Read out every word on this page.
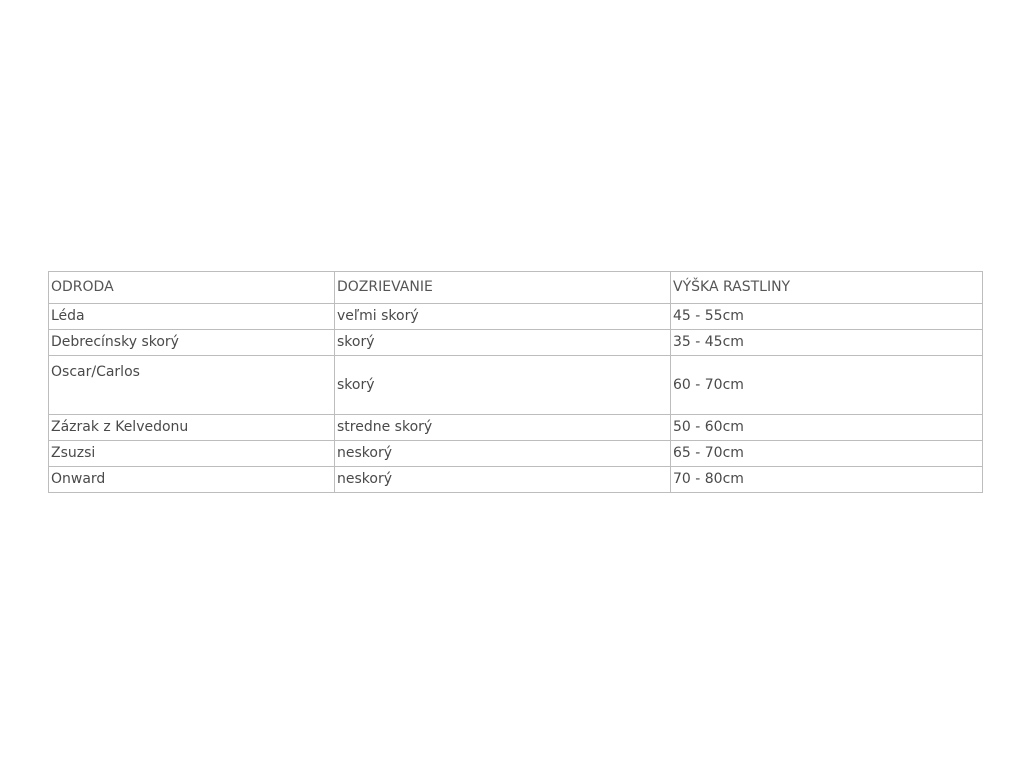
ODRODA	DOZRIEVANIE	VÝŠKA RASTLINY
Léda	veľmi skorý	45 - 55cm
Debrecínsky skorý	skorý	35 - 45cm
Oscar/Carlos	skorý	60 - 70cm
Zázrak z Kelvedonu	stredne skorý	50 - 60cm
Zsuzsi	neskorý	65 - 70cm
Onward	neskorý	70 - 80cm
